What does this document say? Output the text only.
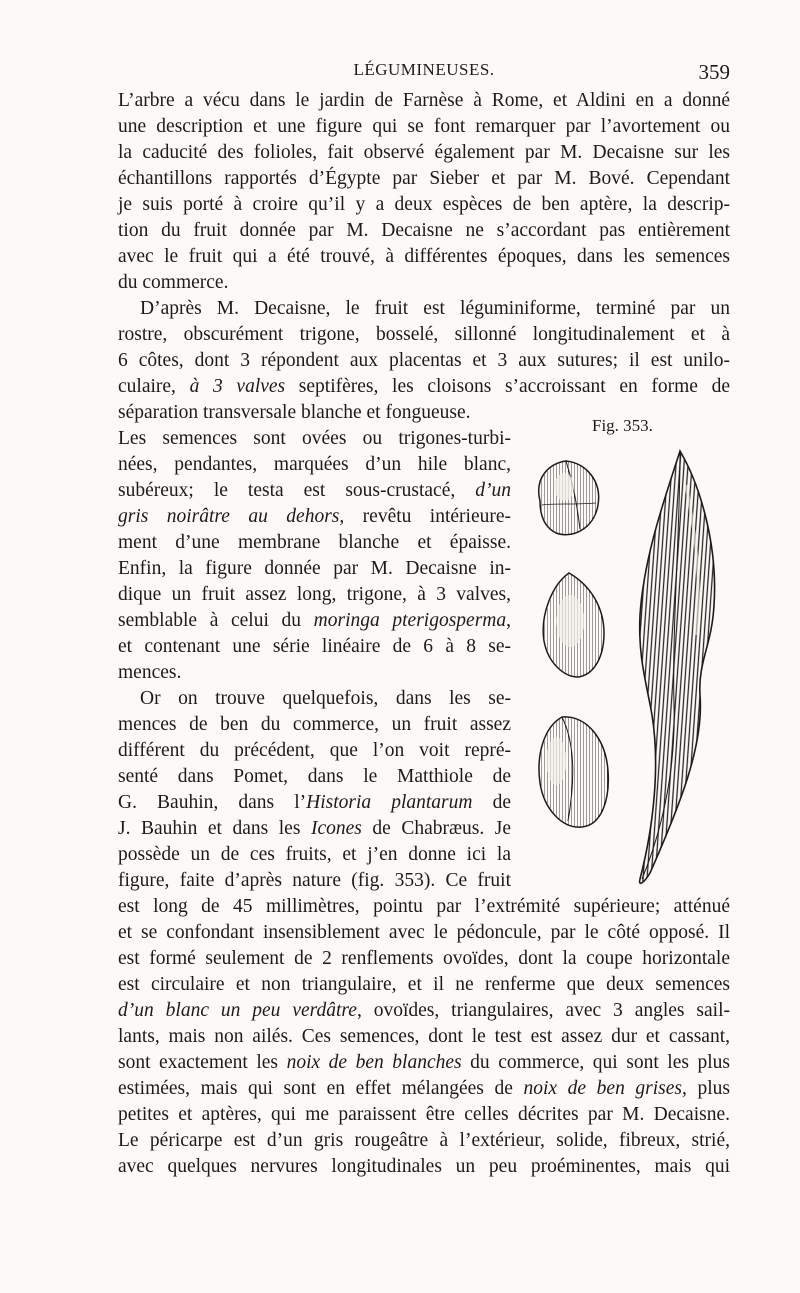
LÉGUMINEUSES.	359
L’arbre a vécu dans le jardin de Farnèse à Rome, et Aldini en a donné
une description et une figure qui se font remarquer par l’avortement ou
la caducité des folioles, fait observé également par M. Decaisne sur les
échantillons rapportés d’Égypte par Sieber et par M. Bové. Cependant
je suis porté à croire qu’il y a deux espèces de ben aptère, la descrip-
tion du fruit donnée par M. Decaisne ne s’accordant pas entièrement
avec le fruit qui a été trouvé, à différentes époques, dans les semences
du commerce.
D’après M. Decaisne, le fruit est léguminiforme, terminé par un
rostre, obscurément trigone, bosselé, sillonné longitudinalement et à
6 côtes, dont 3 répondent aux placentas et 3 aux sutures; il est unilo-
culaire, à 3 valves septifères, les cloisons s’accroissant en forme de
séparation transversale blanche et fongueuse.
Les semences sont ovées ou trigones-turbi-
nées, pendantes, marquées d’un hile blanc,
subéreux; le testa est sous-crustacé, d’un
gris noirâtre au dehors, revêtu intérieure-
ment d’une membrane blanche et épaisse.
Enfin, la figure donnée par M. Decaisne in-
dique un fruit assez long, trigone, à 3 valves,
semblable à celui du moringa pterigosperma,
et contenant une série linéaire de 6 à 8 se-
mences.
Or on trouve quelquefois, dans les se-
mences de ben du commerce, un fruit assez
différent du précédent, que l’on voit repré-
senté dans Pomet, dans le Matthiole de
G. Bauhin, dans l’Historia plantarum de
J. Bauhin et dans les Icones de Chabræus. Je
possède un de ces fruits, et j’en donne ici la
figure, faite d’après nature (fig. 353). Ce fruit
est long de 45 millimètres, pointu par l’extrémité supérieure; atténué
et se confondant insensiblement avec le pédoncule, par le côté opposé. Il
est formé seulement de 2 renflements ovoïdes, dont la coupe horizontale
est circulaire et non triangulaire, et il ne renferme que deux semences
d’un blanc un peu verdâtre, ovoïdes, triangulaires, avec 3 angles sail-
lants, mais non ailés. Ces semences, dont le test est assez dur et cassant,
sont exactement les noix de ben blanches du commerce, qui sont les plus
estimées, mais qui sont en effet mélangées de noix de ben grises, plus
petites et aptères, qui me paraissent être celles décrites par M. Decaisne.
Le péricarpe est d’un gris rougeâtre à l’extérieur, solide, fibreux, strié,
avec quelques nervures longitudinales un peu proéminentes, mais qui
Fig. 353.
